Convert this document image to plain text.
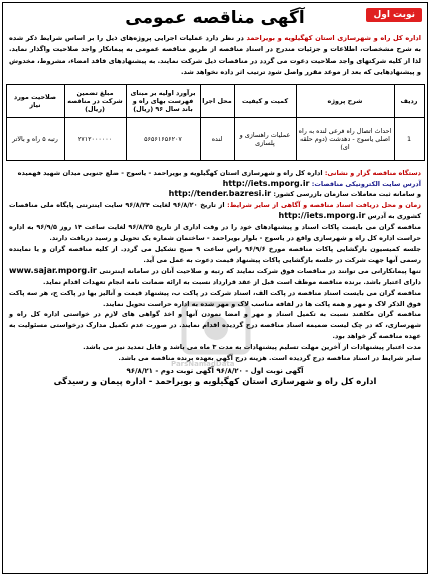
نوبت اول
آگهی مناقصه عمومی
اداره کل راه و شهرسازی استان کهگیلویه و بویراحمد در نظر دارد عملیات اجرایی پروژه‌های ذیل را بر اساس شرایط ذکر شده به شرح مشخصات، اطلاعات و جزئیات مندرج در اسناد مناقصه از طریق مناقصه عمومی به پیمانکار واجد صلاحیت واگذار نماید. لذا از کلیه شرکتهای واجد صلاحیت دعوت می گردد در مناقصات ذیل شرکت نمایند. به پیشنهادهای فاقد امضاء، مشروط، مخدوش و پیشنهادهایی که بعد از موعد مقرر واصل شود ترتیب اثر داده نخواهد شد.
ردیف	شرح پروژه	کمیت و کیفیت	محل اجرا	برآورد اولیه بر مبنای فهرست بهای راه و باند سال ۹۶ (ریال)	مبلغ تضمین شرکت در مناقصه (ریال)	صلاحیت مورد نیاز
1	احداث اتصال راه فرعی لنده به راه اصلی یاسوج - دهدشت (دوم حلقه ای)	عملیات راهسازی و پلسازی	لنده	۵۶۵۶۱۶۵۶۲۰۷	۲۷۱۲۰۰۰۰۰۰	رتبه ۵ راه و بالاتر

دستگاه مناقصه گزار و نشانی: اداره کل راه و شهرسازی استان کهگیلویه و بویراحمد - یاسوج - ضلع جنوبی میدان شهید فهمیده

آدرس سایت الکترونیکی مناقصات: http://iets.mporg.ir

و سامانه ثبت معاملات سازمان بازرسی کشور: http://tender.bazresi.ir

زمان و محل دریافت اسناد مناقصه و آگاهی از سایر شرایط: از تاریخ ۹۶/۸/۲۰ لغایت ۹۶/۸/۲۴ سایت اینترنتی پایگاه ملی مناقصات کشوری به آدرس http://iets.mporg.ir

مناقصه گران می بایست پاکات اسناد و پیشنهادهای خود را در وقت اداری از تاریخ ۹۶/۸/۲۵ لغایت ساعت ۱۴ روز ۹۶/۹/۵ به اداره حراست اداره کل راه و شهرسازی واقع در یاسوج - بلوار بویراحمد - ساختمان شماره یک تحویل و رسید دریافت دارند.

جلسه کمیسیون بازگشایی پاکات مناقصه مورخ ۹۶/۹/۶ راس ساعت ۹ صبح تشکیل می گردد. از کلیه مناقصه گران و یا نماینده رسمی آنها جهت شرکت در جلسه بازگشایی پاکات پیشنهاد قیمت دعوت به عمل می آید.

تنها پیمانکارانی می توانند در مناقصات فوق شرکت نمایند که رتبه و صلاحیت آنان در سامانه اینترنتی www.sajar.mporg.ir دارای اعتبار باشد. برنده مناقصه موظف است قبل از عقد قرارداد نسبت به ارائه ضمانت نامه انجام تعهدات اقدام نماید.

مناقصه گران می بایست اسناد مناقصه در پاکت الف، اسناد شرکت در پاکت ب، پیشنهاد قیمت و آنالیز بها در پاکت ج، هر سه پاکت فوق الذکر لاک و مهر و همه پاکت ها در لفافه مناسب لاک و مهر شده به اداره حراست تحویل نمایند.

مناقصه گران مکلفند نسبت به تکمیل اسناد و مهر و امضا نمودن آنها و اخذ گواهی های لازم در خواستی اداره کل راه و شهرسازی، که در چک لیست ضمیمه اسناد مناقصه درج گردیده اقدام نمایند. در صورت عدم تکمیل مدارک درخواستی مسئولیت به عهده مناقصه گر خواهد بود.

مدت اعتبار پیشنهادات از آخرین مهلت تسلیم پیشنهادات به مدت ۳ ماه می باشد و قابل تمدید نیز می باشد.

سایر شرایط در اسناد مناقصه درج گردیده است. هزینه درج آگهی بعهده برنده مناقصه می باشد.

آگهی نوبت اول - ۹۶/۸/۲۰ آگهی نوبت دوم - ۹۶/۸/۲۱
اداره کل راه و شهرسازی استان کهگیلویه و بویراحمد - اداره پیمان و رسیدگی
ParsNamadData
